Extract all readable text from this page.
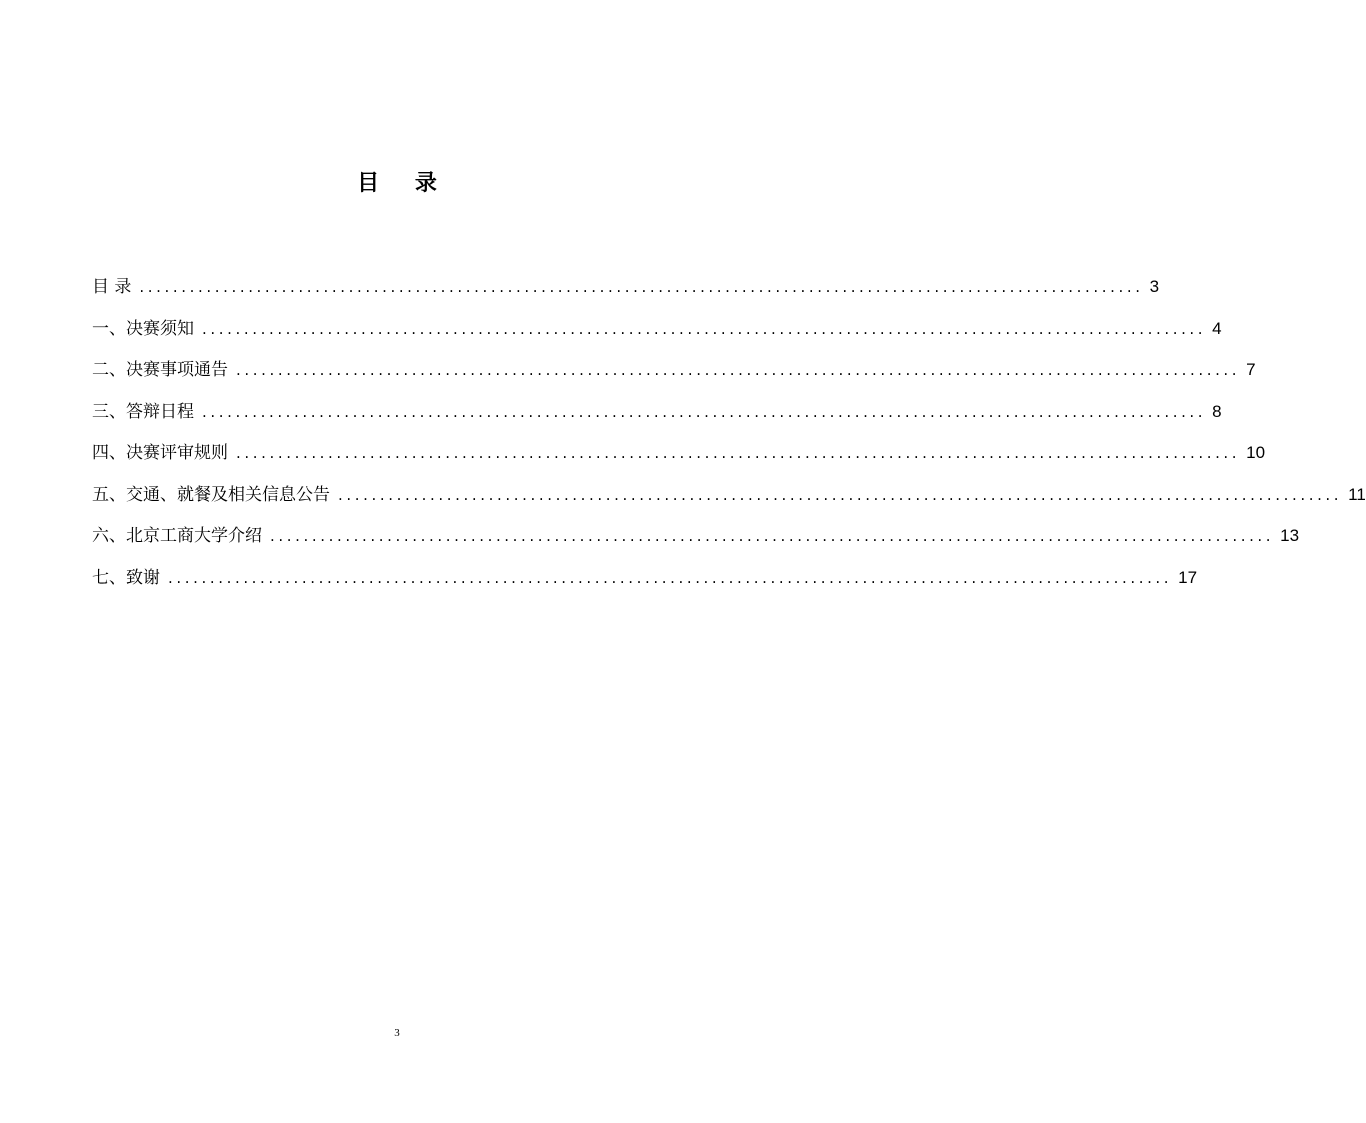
目 录
目 录 ........................................................................................................................ 3
一、决赛须知 ........................................................................................................................ 4
二、决赛事项通告 ........................................................................................................................ 7
三、答辩日程 ........................................................................................................................ 8
四、决赛评审规则 ........................................................................................................................ 10
五、交通、就餐及相关信息公告 ........................................................................................................................ 11
六、北京工商大学介绍 ........................................................................................................................ 13
七、致谢 ........................................................................................................................ 17
3
